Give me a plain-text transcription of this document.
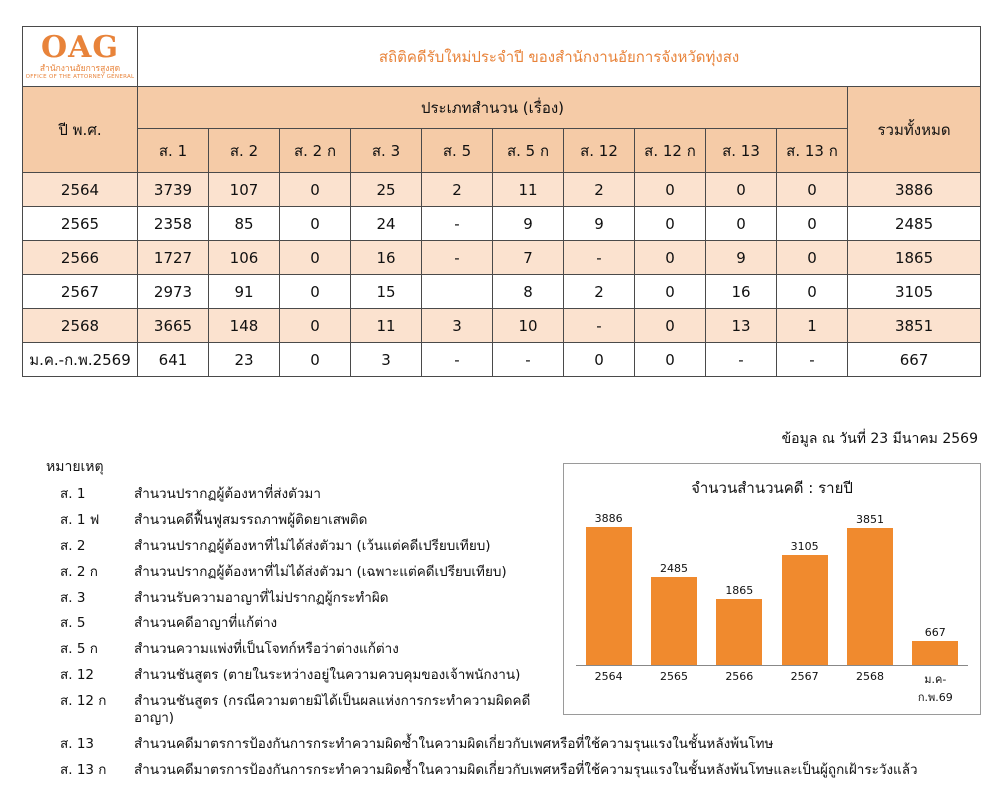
OAG
สำนักงานอัยการสูงสุด
OFFICE OF THE ATTORNEY GENERAL	สถิติคดีรับใหม่ประจำปี ของสำนักงานอัยการจังหวัดทุ่งสง										
ปี พ.ศ.	ประเภทสำนวน (เรื่อง)										รวมทั้งหมด
	ส. 1	ส. 2	ส. 2 ก	ส. 3	ส. 5	ส. 5 ก	ส. 12	ส. 12 ก	ส. 13	ส. 13 ก	
2564	3739	107	0	25	2	11	2	0	0	0	3886
2565	2358	85	0	24	-	9	9	0	0	0	2485
2566	1727	106	0	16	-	7	-	0	9	0	1865
2567	2973	91	0	15		8	2	0	16	0	3105
2568	3665	148	0	11	3	10	-	0	13	1	3851
ม.ค.-ก.พ.2569	641	23	0	3	-	-	0	0	-	-	667
ข้อมูล ณ วันที่ 23 มีนาคม 2569
หมายเหตุ
ส. 1	สำนวนปรากฏผู้ต้องหาที่ส่งตัวมา
ส. 1 ฟ	สำนวนคดีฟื้นฟูสมรรถภาพผู้ติดยาเสพติด
ส. 2	สำนวนปรากฏผู้ต้องหาที่ไม่ได้ส่งตัวมา (เว้นแต่คดีเปรียบเทียบ)
ส. 2 ก	สำนวนปรากฏผู้ต้องหาที่ไม่ได้ส่งตัวมา (เฉพาะแต่คดีเปรียบเทียบ)
ส. 3	สำนวนรับความอาญาที่ไม่ปรากฏผู้กระทำผิด
ส. 5	สำนวนคดีอาญาที่แก้ต่าง
ส. 5 ก	สำนวนความแพ่งที่เป็นโจทก์หรือว่าต่างแก้ต่าง
ส. 12	สำนวนชันสูตร (ตายในระหว่างอยู่ในความควบคุมของเจ้าพนักงาน)
ส. 12 ก	สำนวนชันสูตร (กรณีความตายมิได้เป็นผลแห่งการกระทำความผิดคดีอาญา)
ส. 13	สำนวนคดีมาตรการป้องกันการกระทำความผิดซ้ำในความผิดเกี่ยวกับเพศหรือที่ใช้ความรุนแรงในชั้นหลังพ้นโทษ
ส. 13 ก	สำนวนคดีมาตรการป้องกันการกระทำความผิดซ้ำในความผิดเกี่ยวกับเพศหรือที่ใช้ความรุนแรงในชั้นหลังพ้นโทษและเป็นผู้ถูกเฝ้าระวังแล้ว
จำนวนสำนวนคดี : รายปี
3886
2485
1865
3105
3851
667
2564	2565	2566	2567	2568	ม.ค-ก.พ.69
